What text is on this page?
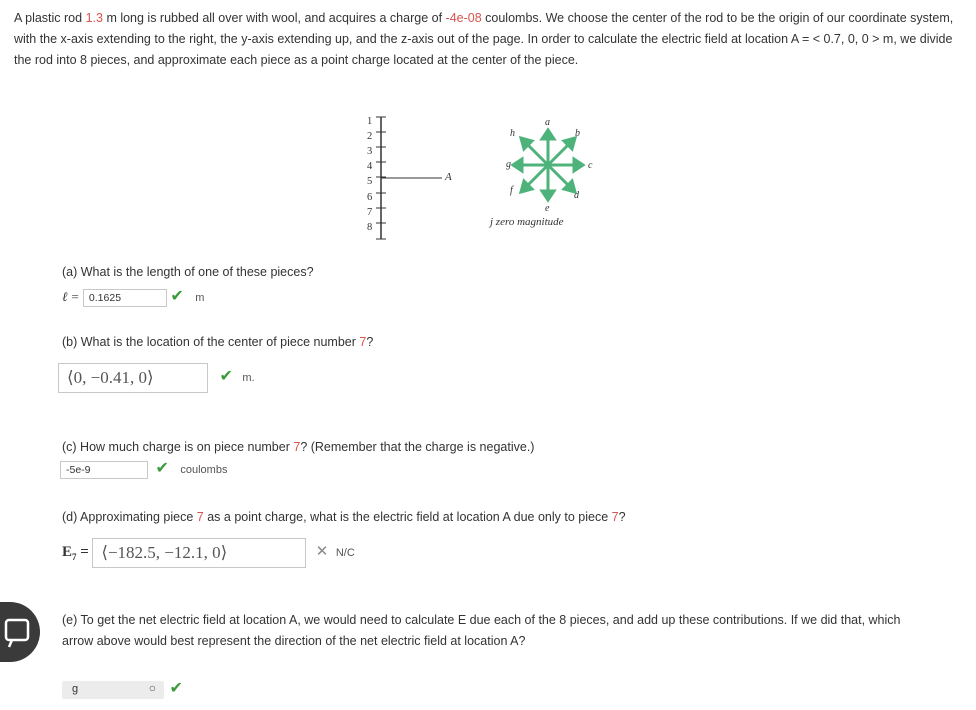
A plastic rod 1.3 m long is rubbed all over with wool, and acquires a charge of -4e-08 coulombs. We choose the center of the rod to be the origin of our coordinate system, with the x-axis extending to the right, the y-axis extending up, and the z-axis out of the page. In order to calculate the electric field at location A = < 0.7, 0, 0 > m, we divide the rod into 8 pieces, and approximate each piece as a point charge located at the center of the piece.
1
2
3
4
5
6
7
8
A
a
b
c
d
e
f
g
h
j zero magnitude
(a) What is the length of one of these pieces?
ℓ = 0.1625	✔ m
(b) What is the location of the center of piece number 7?
⟨0, −0.41, 0⟩	✔ m.
(c) How much charge is on piece number 7? (Remember that the charge is negative.)
-5e-9	✔ coulombs
(d) Approximating piece 7 as a point charge, what is the electric field at location A due only to piece 7?
$E_7$ = ⟨−182.5, −12.1, 0⟩	✕ N/C
(e) To get the net electric field at location A, we would need to calculate E due each of the 8 pieces, and add up these contributions. If we did that, which arrow above would best represent the direction of the net electric field at location A?
g	○ ✔
